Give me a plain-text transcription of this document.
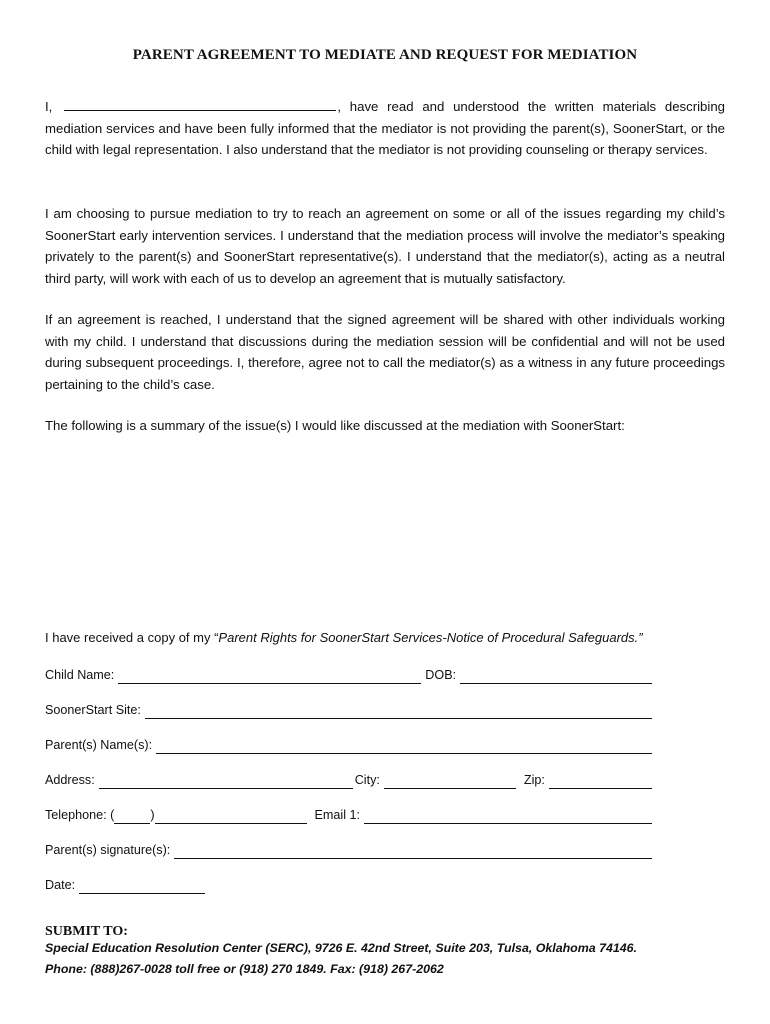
PARENT AGREEMENT TO MEDIATE AND REQUEST FOR MEDIATION
I,	, have read and understood the written materials describing mediation services and have been fully informed that the mediator is not providing the parent(s), SoonerStart, or the child with legal representation. I also understand that the mediator is not providing counseling or therapy services.
I am choosing to pursue mediation to try to reach an agreement on some or all of the issues regarding my child’s SoonerStart early intervention services. I understand that the mediation process will involve the mediator’s speaking privately to the parent(s) and SoonerStart representative(s). I understand that the mediator(s), acting as a neutral third party, will work with each of us to develop an agreement that is mutually satisfactory.
If an agreement is reached, I understand that the signed agreement will be shared with other individuals working with my child. I understand that discussions during the mediation session will be confidential and will not be used during subsequent proceedings. I, therefore, agree not to call the mediator(s) as a witness in any future proceedings pertaining to the child’s case.
The following is a summary of the issue(s) I would like discussed at the mediation with SoonerStart:
I have received a copy of my “Parent Rights for SoonerStart Services-Notice of Procedural Safeguards.”
Child Name:	DOB:
SoonerStart Site:
Parent(s) Name(s):
Address:	City:	Zip:
Telephone: (	)	Email 1:
Parent(s) signature(s):
Date:
SUBMIT TO:
Special Education Resolution Center (SERC), 9726 E. 42nd Street, Suite 203, Tulsa, Oklahoma 74146.
Phone: (888)267-0028 toll free or (918) 270 1849. Fax: (918) 267-2062
